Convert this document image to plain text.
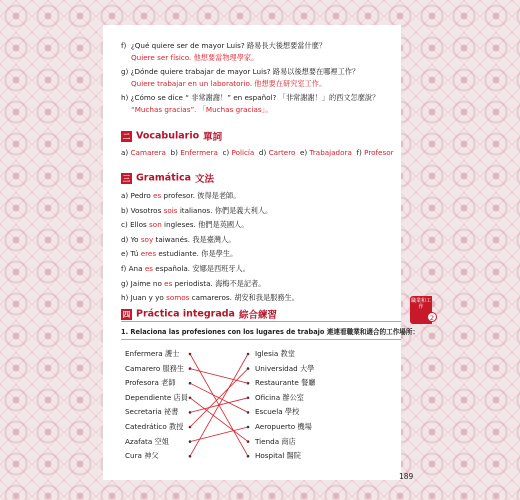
f) ¿Qué quiere ser de mayor Luis? 路易長大後想要當什麼？
Quiere ser físico. 他想要當物理學家。
g) ¿Dónde quiere trabajar de mayor Luis? 路易以後想要在哪裡工作？
Quiere trabajar en un laboratorio. 他想要在研究室工作。
h) ¿Cómo se dice “ 非常謝謝！” en español? 「非常謝謝！」的西文怎麼說？
“Muchas gracias”. 「Muchas gracias」。
二 Vocabulario 單詞
a) Camarera b) Enfermera c) Policía d) Cartero e) Trabajadora f) Profesor
三 Gramática 文法
a) Pedro es profesor. 彼得是老師。
b) Vosotros sois italianos. 你們是義大利人。
c) Ellos son ingleses. 他們是英國人。
d) Yo soy taiwanés. 我是臺灣人。
e) Tú eres estudiante. 你是學生。
f) Ana es española. 安娜是西班牙人。
g) Jaime no es periodista. 海梅不是記者。
h) Juan y yo somos camareros. 胡安和我是服務生。
四 Práctica integrada 綜合練習
1. Relaciona las profesiones con los lugares de trabajo 連連看職業和適合的工作場所：
Enfermera 護士
Camarero 服務生
Profesora 老師
Dependiente 店員
Secretaria 祕書
Catedrático 教授
Azafata 空姐
Cura 神父
Iglesia 教堂
Universidad 大學
Restaurante 餐廳
Oficina 辦公室
Escuela 學校
Aeropuerto 機場
Tienda 商店
Hospital 醫院
職業和工作
2
189
